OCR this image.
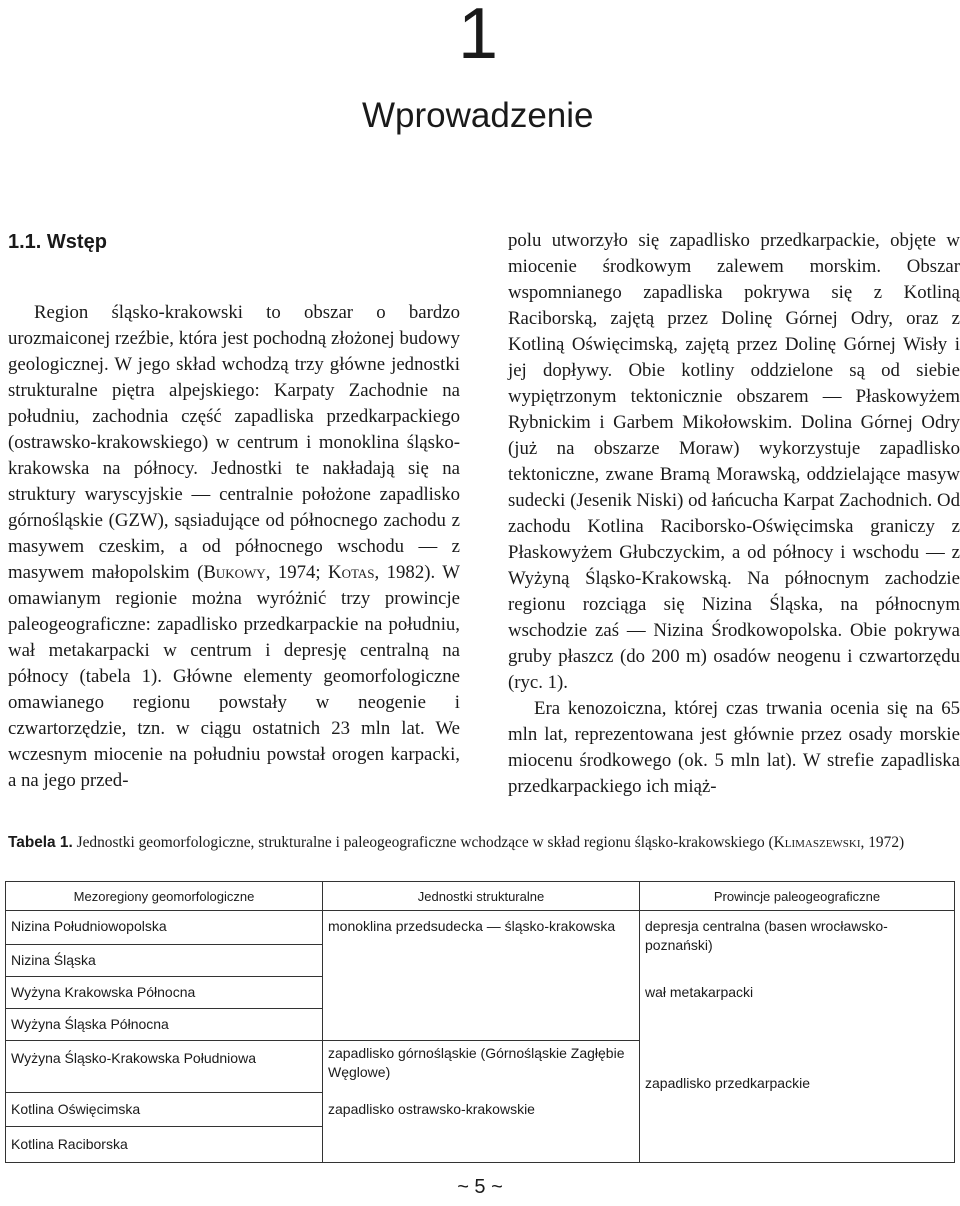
1
Wprowadzenie
1.1. Wstęp

Region śląsko-krakowski to obszar o bardzo urozmaiconej rzeźbie, która jest pochodną złożonej budowy geologicznej. W jego skład wchodzą trzy główne jednostki strukturalne piętra alpejskiego: Karpaty Zachodnie na południu, zachodnia część zapadliska przedkarpackiego (ostrawsko-krakowskiego) w centrum i monoklina śląsko-krakowska na północy. Jednostki te nakładają się na struktury waryscyjskie — centralnie położone zapadlisko górnośląskie (GZW), sąsiadujące od północnego zachodu z masywem czeskim, a od północnego wschodu — z masywem małopolskim (Bukowy, 1974; Kotas, 1982). W omawianym regionie można wyróżnić trzy prowincje paleogeograficzne: zapadlisko przedkarpackie na południu, wał metakarpacki w centrum i depresję centralną na północy (tabela 1). Główne elementy geomorfologiczne omawianego regionu powstały w neogenie i czwartorzędzie, tzn. w ciągu ostatnich 23 mln lat. We wczesnym miocenie na południu powstał orogen karpacki, a na jego przed-

polu utworzyło się zapadlisko przedkarpackie, objęte w miocenie środkowym zalewem morskim. Obszar wspomnianego zapadliska pokrywa się z Kotliną Raciborską, zajętą przez Dolinę Górnej Odry, oraz z Kotliną Oświęcimską, zajętą przez Dolinę Górnej Wisły i jej dopływy. Obie kotliny oddzielone są od siebie wypiętrzonym tektonicznie obszarem — Płaskowyżem Rybnickim i Garbem Mikołowskim. Dolina Górnej Odry (już na obszarze Moraw) wykorzystuje zapadlisko tektoniczne, zwane Bramą Morawską, oddzielające masyw sudecki (Jesenik Niski) od łańcucha Karpat Zachodnich. Od zachodu Kotlina Raciborsko-Oświęcimska graniczy z Płaskowyżem Głubczyckim, a od północy i wschodu — z Wyżyną Śląsko-Krakowską. Na północnym zachodzie regionu rozciąga się Nizina Śląska, na północnym wschodzie zaś — Nizina Środkowopolska. Obie pokrywa gruby płaszcz (do 200 m) osadów neogenu i czwartorzędu (ryc. 1).

Era kenozoiczna, której czas trwania ocenia się na 65 mln lat, reprezentowana jest głównie przez osady morskie miocenu środkowego (ok. 5 mln lat). W strefie zapadliska przedkarpackiego ich miąż-

Tabela 1. Jednostki geomorfologiczne, strukturalne i paleogeograficzne wchodzące w skład regionu śląsko-krakowskiego (Klimaszewski, 1972)
Mezoregiony geomorfologiczne	Jednostki strukturalne	Prowincje paleogeograficzne
Nizina Południowopolska	monoklina przedsudecka — śląsko-krakowska	depresja centralna (basen wrocławsko-poznański)
Nizina Śląska		
Wyżyna Krakowska Północna		wał metakarpacki
Wyżyna Śląska Północna		
Wyżyna Śląsko-Krakowska Południowa	zapadlisko górnośląskie (Górnośląskie Zagłębie Węglowe)	zapadlisko przedkarpackie
Kotlina Oświęcimska	zapadlisko ostrawsko-krakowskie	
Kotlina Raciborska		
~ 5 ~
